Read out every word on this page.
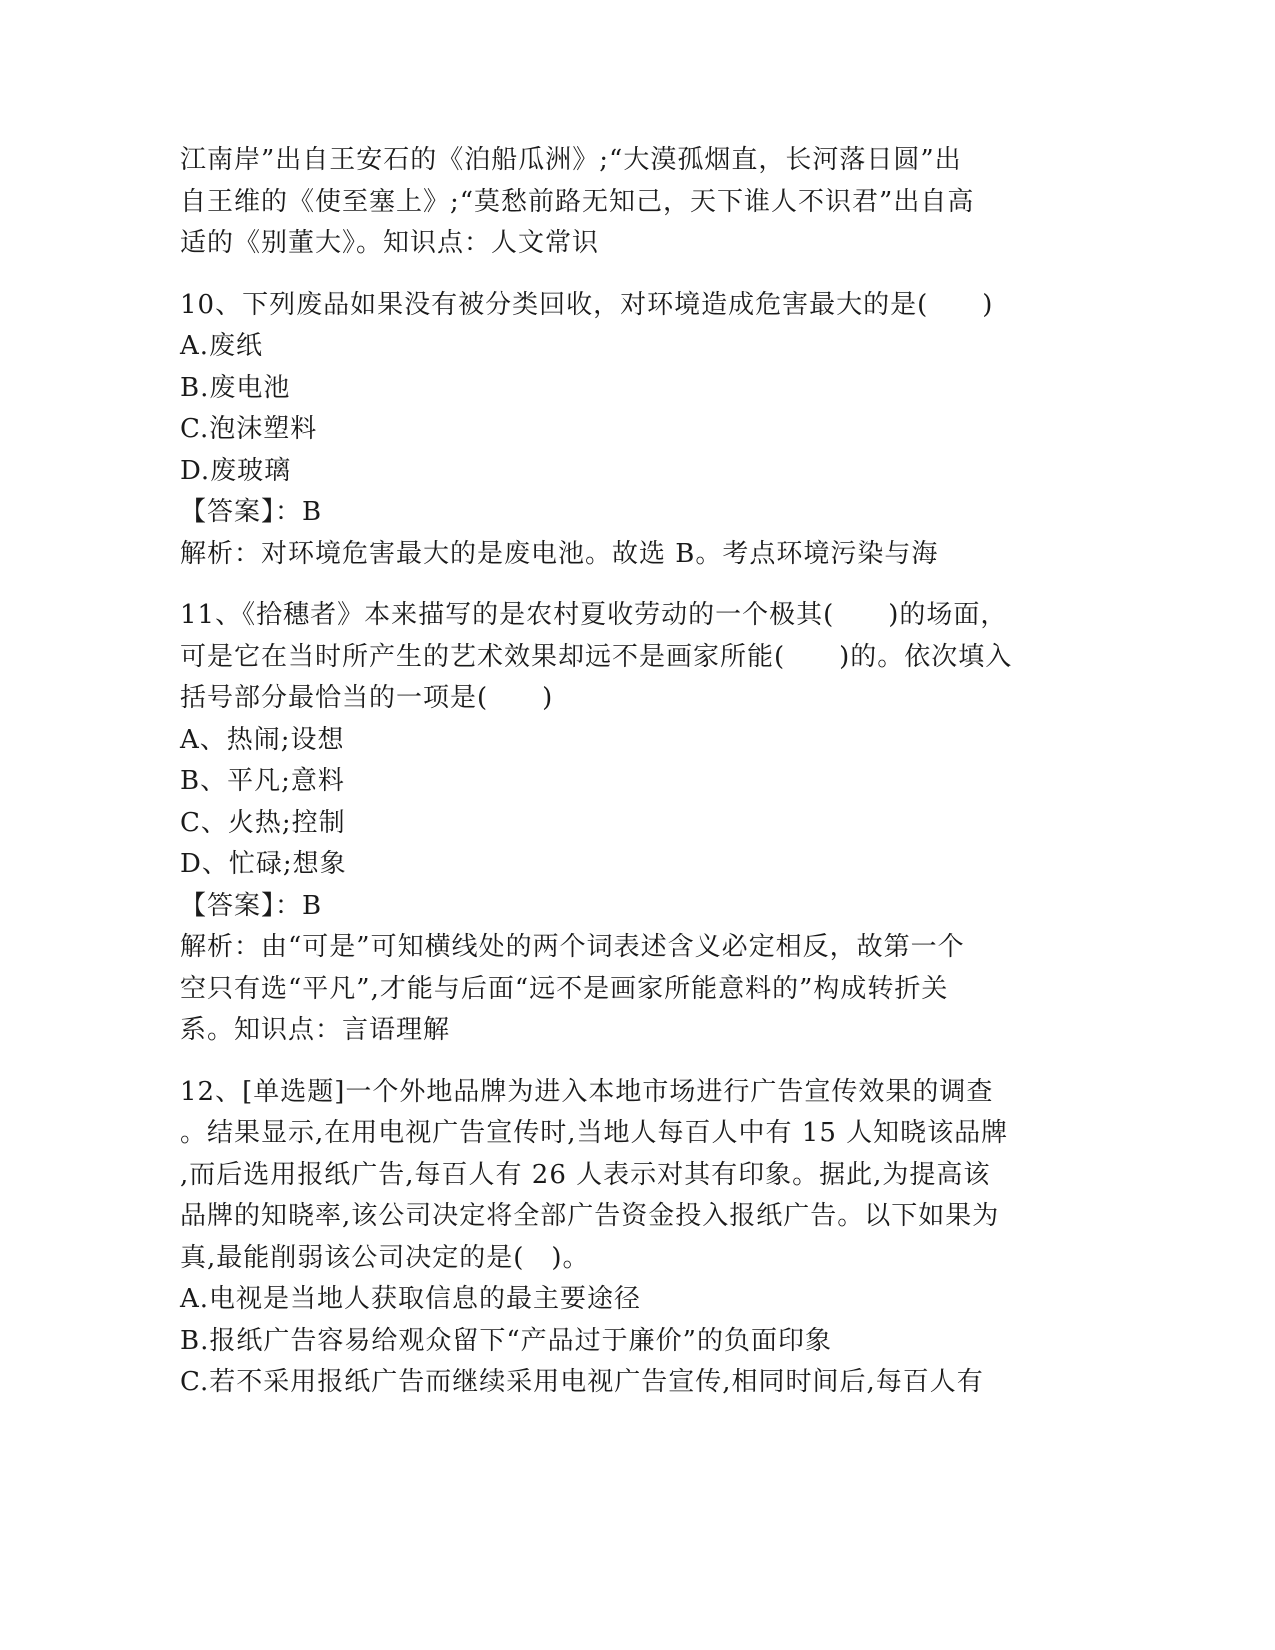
江南岸”出自王安石的《泊船瓜洲》;“大漠孤烟直，长河落日圆”出
自王维的《使至塞上》;“莫愁前路无知己，天下谁人不识君”出自高
适的《别董大》。知识点：人文常识
10、下列废品如果没有被分类回收，对环境造成危害最大的是(　　)
A.废纸
B.废电池
C.泡沫塑料
D.废玻璃
【答案】：B
解析：对环境危害最大的是废电池。故选 B。考点环境污染与海
11、《拾穗者》本来描写的是农村夏收劳动的一个极其(　　)的场面，
可是它在当时所产生的艺术效果却远不是画家所能(　　)的。依次填入
括号部分最恰当的一项是(　　)
A、热闹;设想
B、平凡;意料
C、火热;控制
D、忙碌;想象
【答案】：B
解析：由“可是”可知横线处的两个词表述含义必定相反，故第一个
空只有选“平凡”,才能与后面“远不是画家所能意料的”构成转折关
系。知识点：言语理解
12、[单选题]一个外地品牌为进入本地市场进行广告宣传效果的调查
。结果显示,在用电视广告宣传时,当地人每百人中有 15 人知晓该品牌
,而后选用报纸广告,每百人有 26 人表示对其有印象。据此,为提高该
品牌的知晓率,该公司决定将全部广告资金投入报纸广告。以下如果为
真,最能削弱该公司决定的是(　)。
A.电视是当地人获取信息的最主要途径
B.报纸广告容易给观众留下“产品过于廉价”的负面印象
C.若不采用报纸广告而继续采用电视广告宣传,相同时间后,每百人有
